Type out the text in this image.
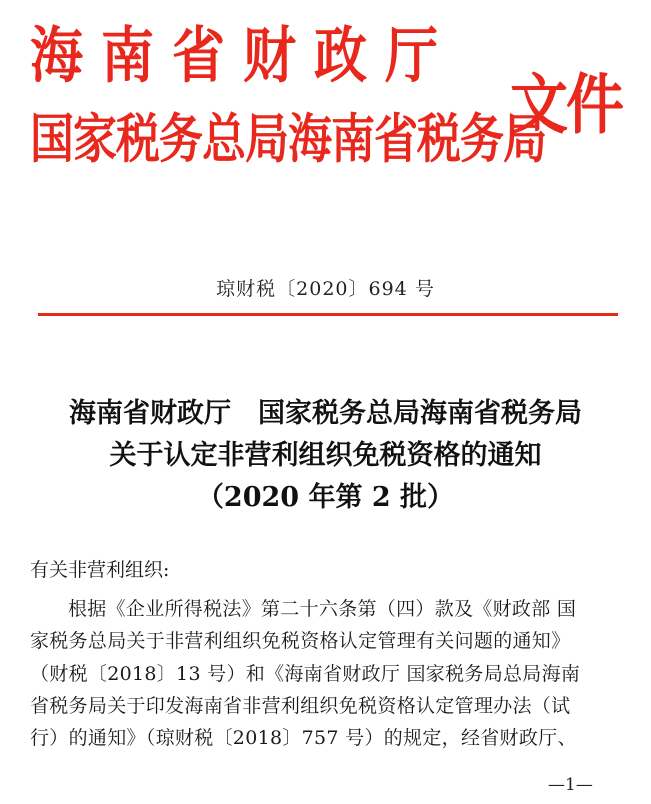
海南省财政厅
国家税务总局海南省税务局
文件
琼财税〔2020〕694 号
海南省财政厅　国家税务总局海南省税务局
关于认定非营利组织免税资格的通知
（2020 年第 2 批）
有关非营利组织:
根据《企业所得税法》第二十六条第（四）款及《财政部 国
家税务总局关于非营利组织免税资格认定管理有关问题的通知》
（财税〔2018〕13 号）和《海南省财政厅 国家税务局总局海南
省税务局关于印发海南省非营利组织免税资格认定管理办法（试
行）的通知》（琼财税〔2018〕757 号）的规定，经省财政厅、
—1—
